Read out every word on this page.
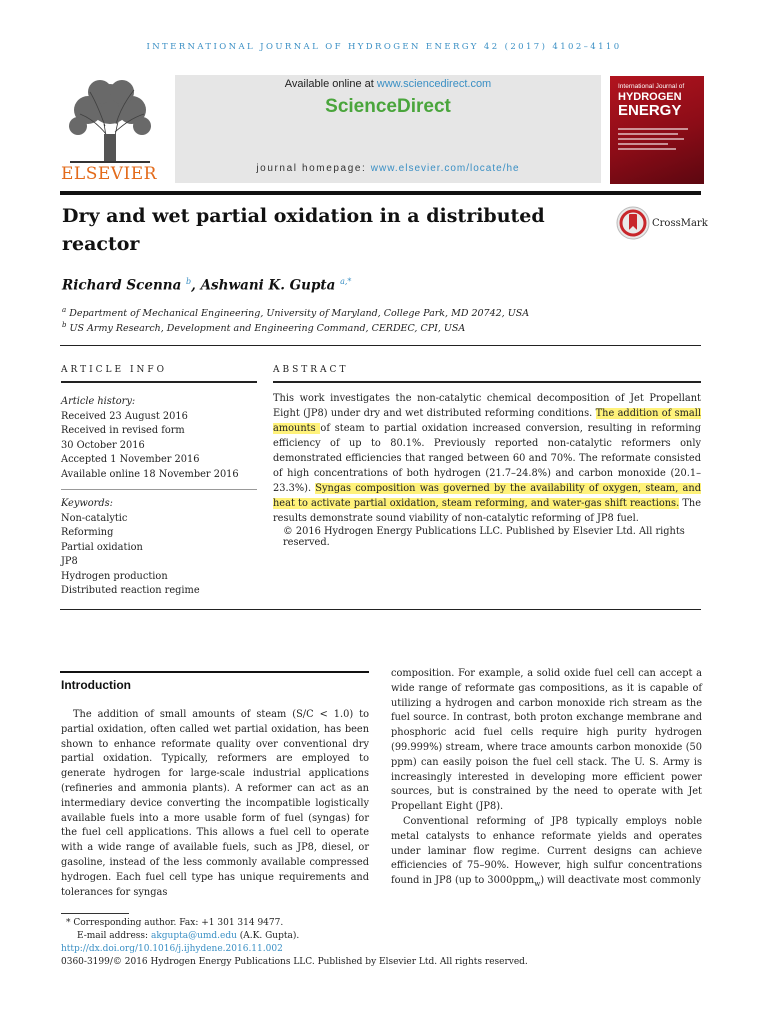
INTERNATIONAL JOURNAL OF HYDROGEN ENERGY 42 (2017) 4102–4110
ELSEVIER
Available online at www.sciencedirect.com
ScienceDirect
journal homepage: www.elsevier.com/locate/he
International Journal of
HYDROGEN
ENERGY
Dry and wet partial oxidation in a distributed reactor
CrossMark
Richard Scenna $^b$, Ashwani K. Gupta $^{a,*}$
$^a$ Department of Mechanical Engineering, University of Maryland, College Park, MD 20742, USA
$^b$ US Army Research, Development and Engineering Command, CERDEC, CPI, USA
ARTICLE INFO	ABSTRACT
Article history:
Received 23 August 2016
Received in revised form
30 October 2016
Accepted 1 November 2016
Available online 18 November 2016
Keywords:
Non-catalytic
Reforming
Partial oxidation
JP8
Hydrogen production
Distributed reaction regime
This work investigates the non-catalytic chemical decomposition of Jet Propellant Eight (JP8) under dry and wet distributed reforming conditions. The addition of small amounts of steam to partial oxidation increased conversion, resulting in reforming efficiency of up to 80.1%. Previously reported non-catalytic reformers only demonstrated efficiencies that ranged between 60 and 70%. The reformate consisted of high concentrations of both hydrogen (21.7–24.8%) and carbon monoxide (20.1–23.3%). Syngas composition was governed by the availability of oxygen, steam, and heat to activate partial oxidation, steam reforming, and water-gas shift reactions. The results demonstrate sound viability of non-catalytic reforming of JP8 fuel.
© 2016 Hydrogen Energy Publications LLC. Published by Elsevier Ltd. All rights reserved.
Introduction
The addition of small amounts of steam (S/C < 1.0) to partial oxidation, often called wet partial oxidation, has been shown to enhance reformate quality over conventional dry partial oxidation. Typically, reformers are employed to generate hydrogen for large-scale industrial applications (refineries and ammonia plants). A reformer can act as an intermediary device converting the incompatible logistically available fuels into a more usable form of fuel (syngas) for the fuel cell applications. This allows a fuel cell to operate with a wide range of available fuels, such as JP8, diesel, or gasoline, instead of the less commonly available compressed hydrogen. Each fuel cell type has unique requirements and tolerances for syngas
composition. For example, a solid oxide fuel cell can accept a wide range of reformate gas compositions, as it is capable of utilizing a hydrogen and carbon monoxide rich stream as the fuel source. In contrast, both proton exchange membrane and phosphoric acid fuel cells require high purity hydrogen (99.999%) stream, where trace amounts carbon monoxide (50 ppm) can easily poison the fuel cell stack. The U. S. Army is increasingly interested in developing more efficient power sources, but is constrained by the need to operate with Jet Propellant Eight (JP8).
Conventional reforming of JP8 typically employs noble metal catalysts to enhance reformate yields and operates under laminar flow regime. Current designs can achieve efficiencies of 75–90%. However, high sulfur concentrations found in JP8 (up to 3000ppm$_w$) will deactivate most commonly
* Corresponding author. Fax: +1 301 314 9477.
E-mail address: akgupta@umd.edu (A.K. Gupta).
http://dx.doi.org/10.1016/j.ijhydene.2016.11.002
0360-3199/© 2016 Hydrogen Energy Publications LLC. Published by Elsevier Ltd. All rights reserved.
